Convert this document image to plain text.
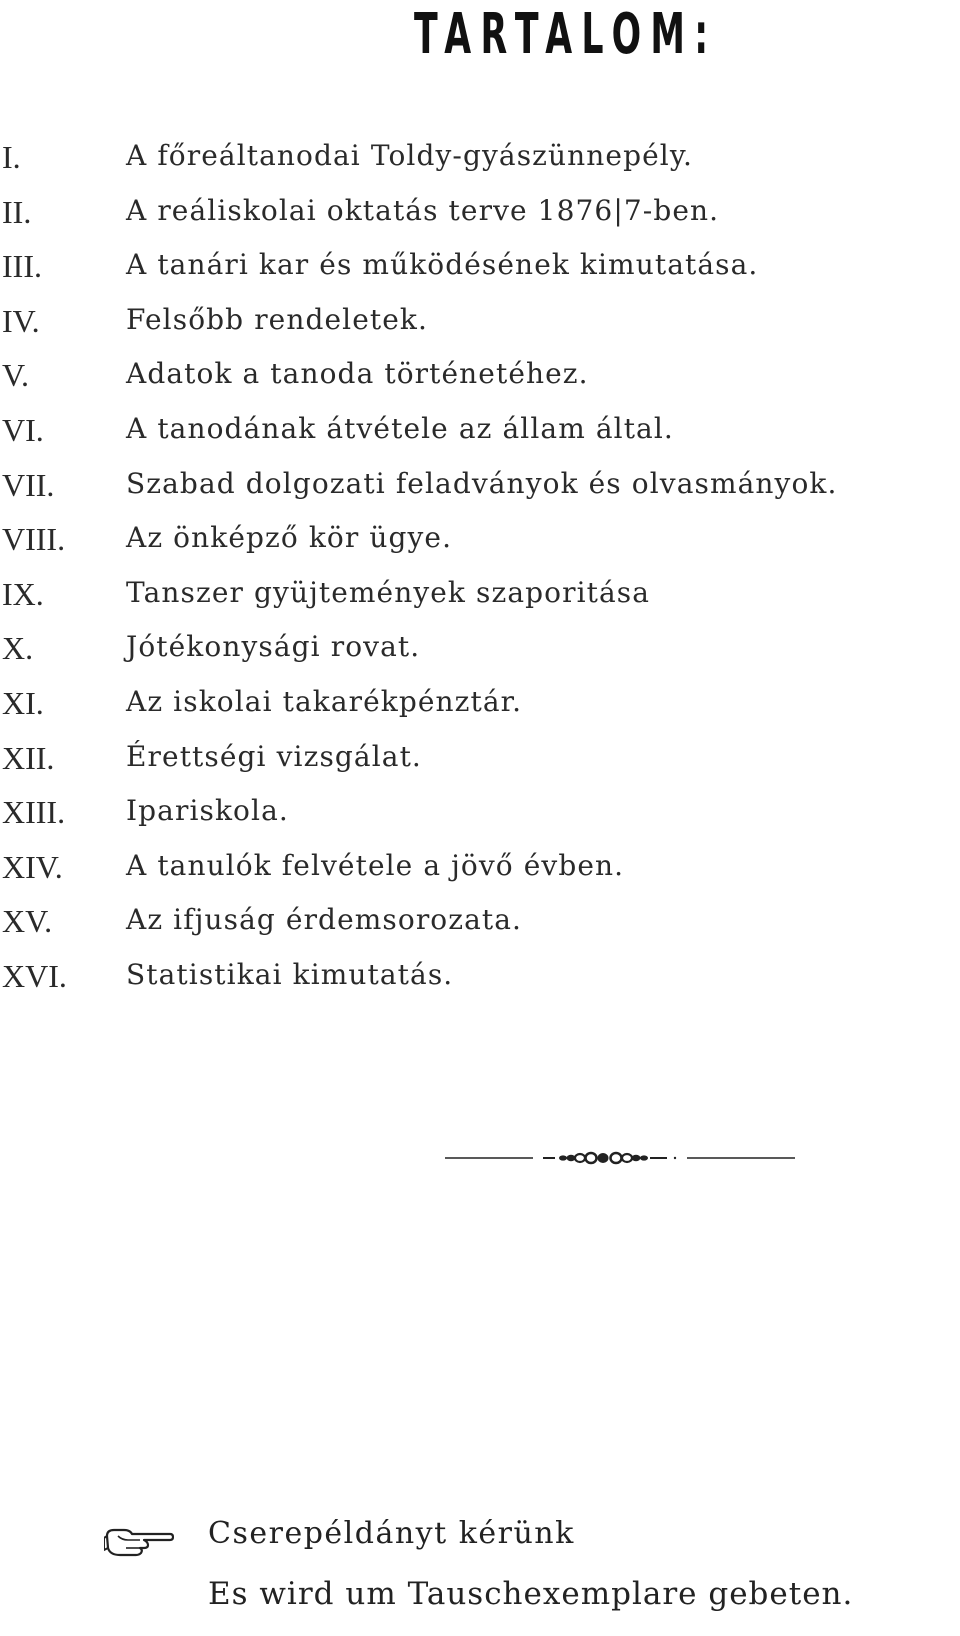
TARTALOM:
I.	A főreáltanodai Toldy-gyászünnepély.
II.	A reáliskolai oktatás terve 1876|7-ben.
III.	A tanári kar és működésének kimutatása.
IV.	Felsőbb rendeletek.
V.	Adatok a tanoda történetéhez.
VI.	A tanodának átvétele az állam által.
VII.	Szabad dolgozati feladványok és olvasmányok.
VIII. Az önképző kör ügye.
IX.	Tanszer gyüjtemények szaporitása
X.	Jótékonysági rovat.
XI.	Az iskolai takarékpénztár.
XII.	Érettségi vizsgálat.
XIII. Ipariskola.
XIV. A tanulók felvétele a jövő évben.
XV.	Az ifjuság érdemsorozata.
XVI. Statistikai kimutatás.
Cserepéldányt kérünk
Es wird um Tauschexemplare gebeten.
